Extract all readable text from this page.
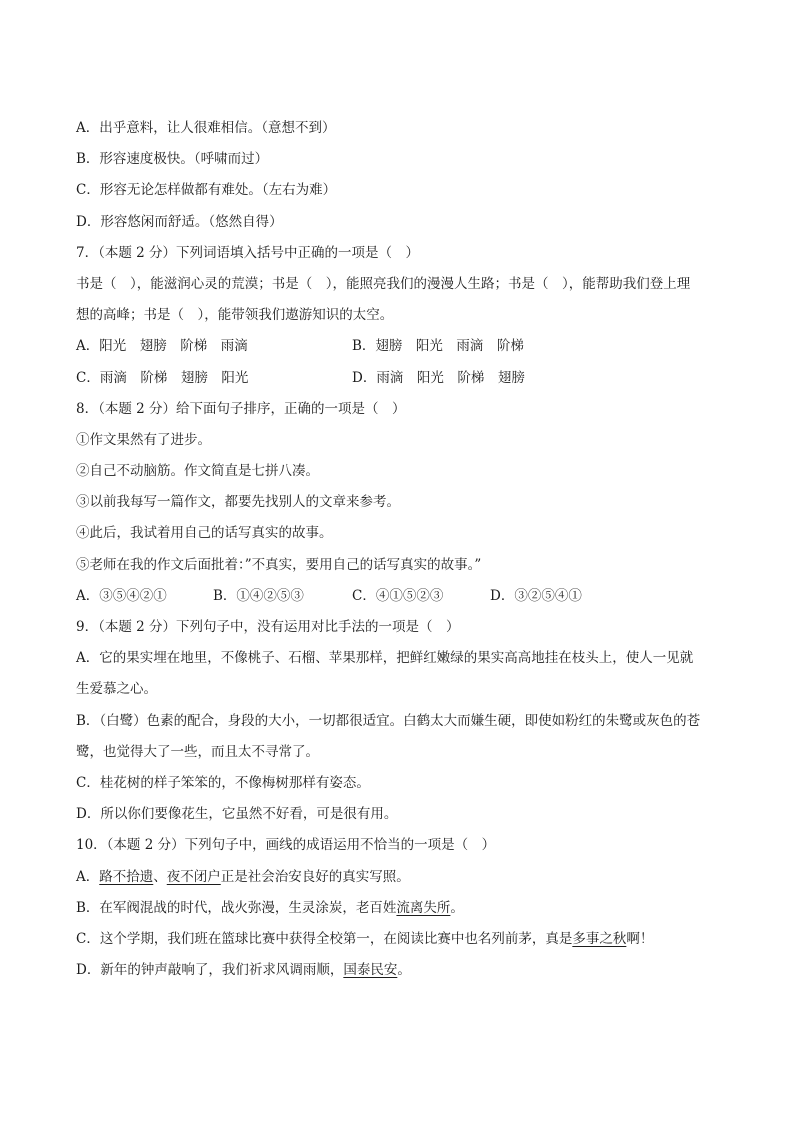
A．出乎意料，让人很难相信。（意想不到）
B．形容速度极快。（呼啸而过）
C．形容无论怎样做都有难处。（左右为难）
D．形容悠闲而舒适。（悠然自得）
7．（本题 2 分）下列词语填入括号中正确的一项是（　）
书是（　），能滋润心灵的荒漠；书是（　），能照亮我们的漫漫人生路；书是（　），能帮助我们登上理
想的高峰；书是（　），能带领我们遨游知识的太空。

A．阳光　翅膀　阶梯　雨滴

	B．翅膀　阳光　雨滴　阶梯

C．雨滴　阶梯　翅膀　阳光

	D．雨滴　阳光　阶梯　翅膀

8．（本题 2 分）给下面句子排序，正确的一项是（　）
①作文果然有了进步。
②自己不动脑筋。作文简直是七拼八凑。
③以前我每写一篇作文，都要先找别人的文章来参考。
④此后，我试着用自己的话写真实的故事。
⑤老师在我的作文后面批着：”不真实，要用自己的话写真实的故事。”

A．③⑤④②①

	B．①④②⑤③

	C．④①⑤②③

	D．③②⑤④①

9．（本题 2 分）下列句子中，没有运用对比手法的一项是（　）
A．它的果实埋在地里，不像桃子、石榴、苹果那样，把鲜红嫩绿的果实高高地挂在枝头上，使人一见就
生爱慕之心。
B．（白鹭）色素的配合，身段的大小，一切都很适宜。白鹤太大而嫌生硬，即使如粉红的朱鹭或灰色的苍
鹭，也觉得大了一些，而且太不寻常了。
C．桂花树的样子笨笨的，不像梅树那样有姿态。
D．所以你们要像花生，它虽然不好看，可是很有用。
10．（本题 2 分）下列句子中，画线的成语运用不恰当的一项是（　）
A．路不拾遗、夜不闭户正是社会治安良好的真实写照。
B．在军阀混战的时代，战火弥漫，生灵涂炭，老百姓流离失所。
C．这个学期，我们班在篮球比赛中获得全校第一，在阅读比赛中也名列前茅，真是多事之秋啊！
D．新年的钟声敲响了，我们祈求风调雨顺，国泰民安。
